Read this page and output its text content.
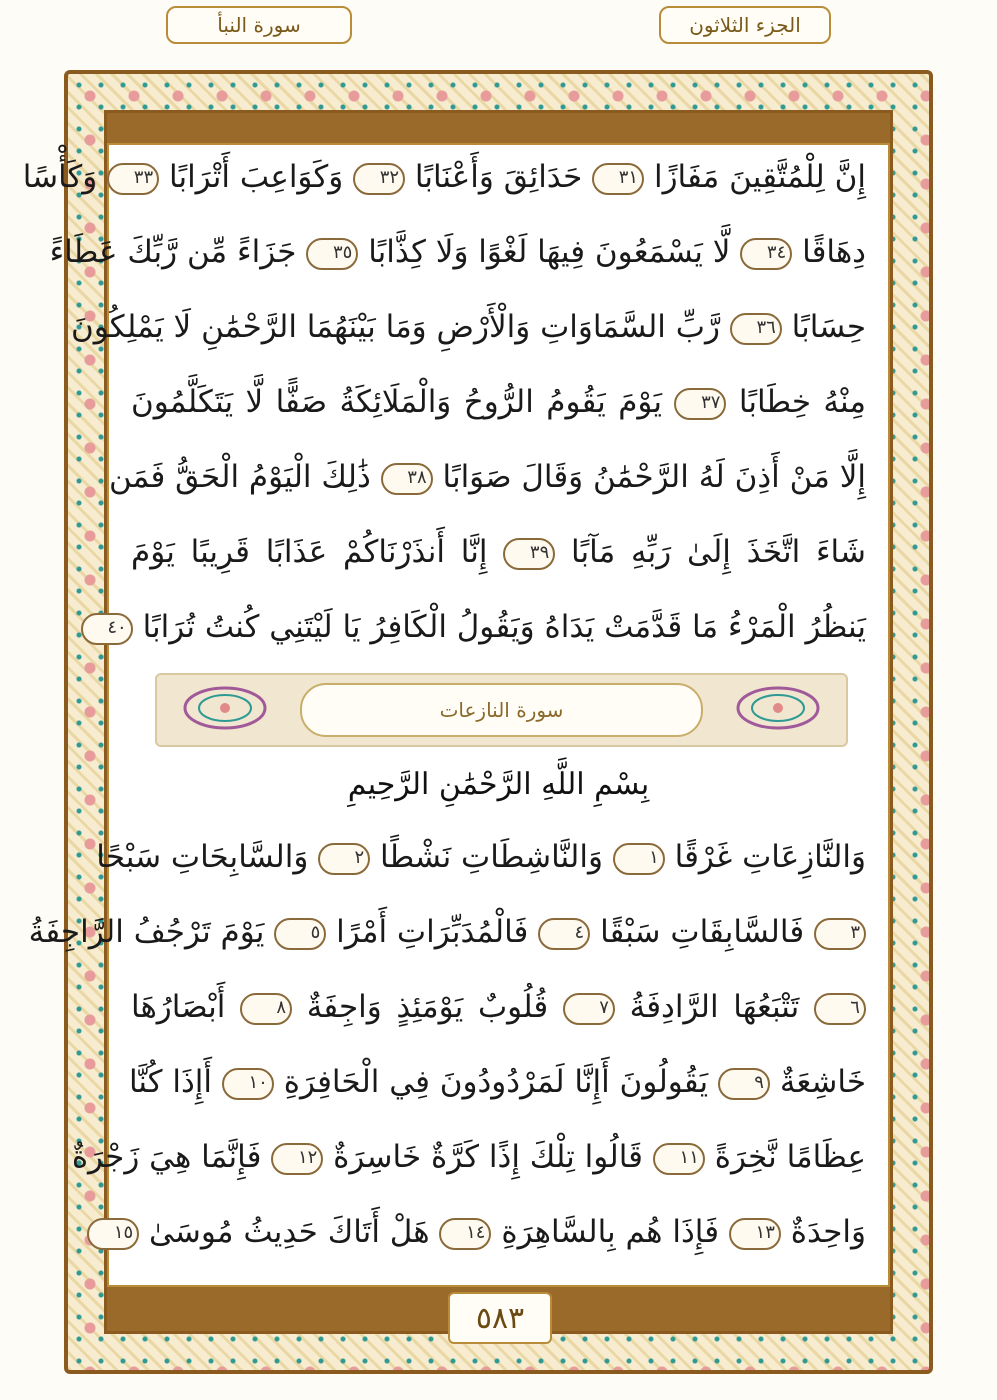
الجزء الثلاثون
سورة النبأ
إِنَّ لِلْمُتَّقِينَ مَفَازًا ٣١ حَدَائِقَ وَأَعْنَابًا ٣٢ وَكَوَاعِبَ أَتْرَابًا ٣٣ وَكَأْسًا
دِهَاقًا ٣٤ لَّا يَسْمَعُونَ فِيهَا لَغْوًا وَلَا كِذَّابًا ٣٥ جَزَاءً مِّن رَّبِّكَ عَطَاءً
حِسَابًا ٣٦ رَّبِّ السَّمَاوَاتِ وَالْأَرْضِ وَمَا بَيْنَهُمَا الرَّحْمَٰنِ لَا يَمْلِكُونَ
مِنْهُ خِطَابًا ٣٧ يَوْمَ يَقُومُ الرُّوحُ وَالْمَلَائِكَةُ صَفًّا لَّا يَتَكَلَّمُونَ
إِلَّا مَنْ أَذِنَ لَهُ الرَّحْمَٰنُ وَقَالَ صَوَابًا ٣٨ ذَٰلِكَ الْيَوْمُ الْحَقُّ فَمَن
شَاءَ اتَّخَذَ إِلَىٰ رَبِّهِ مَآبًا ٣٩ إِنَّا أَنذَرْنَاكُمْ عَذَابًا قَرِيبًا يَوْمَ
يَنظُرُ الْمَرْءُ مَا قَدَّمَتْ يَدَاهُ وَيَقُولُ الْكَافِرُ يَا لَيْتَنِي كُنتُ تُرَابًا ٤٠
سورة النازعات
بِسْمِ اللَّهِ الرَّحْمَٰنِ الرَّحِيمِ
وَالنَّازِعَاتِ غَرْقًا ١ وَالنَّاشِطَاتِ نَشْطًا ٢ وَالسَّابِحَاتِ سَبْحًا
٣ فَالسَّابِقَاتِ سَبْقًا ٤ فَالْمُدَبِّرَاتِ أَمْرًا ٥ يَوْمَ تَرْجُفُ الرَّاجِفَةُ
٦ تَتْبَعُهَا الرَّادِفَةُ ٧ قُلُوبٌ يَوْمَئِذٍ وَاجِفَةٌ ٨ أَبْصَارُهَا
خَاشِعَةٌ ٩ يَقُولُونَ أَإِنَّا لَمَرْدُودُونَ فِي الْحَافِرَةِ ١٠ أَإِذَا كُنَّا
عِظَامًا نَّخِرَةً ١١ قَالُوا تِلْكَ إِذًا كَرَّةٌ خَاسِرَةٌ ١٢ فَإِنَّمَا هِيَ زَجْرَةٌ
وَاحِدَةٌ ١٣ فَإِذَا هُم بِالسَّاهِرَةِ ١٤ هَلْ أَتَاكَ حَدِيثُ مُوسَىٰ ١٥
٥٨٣
